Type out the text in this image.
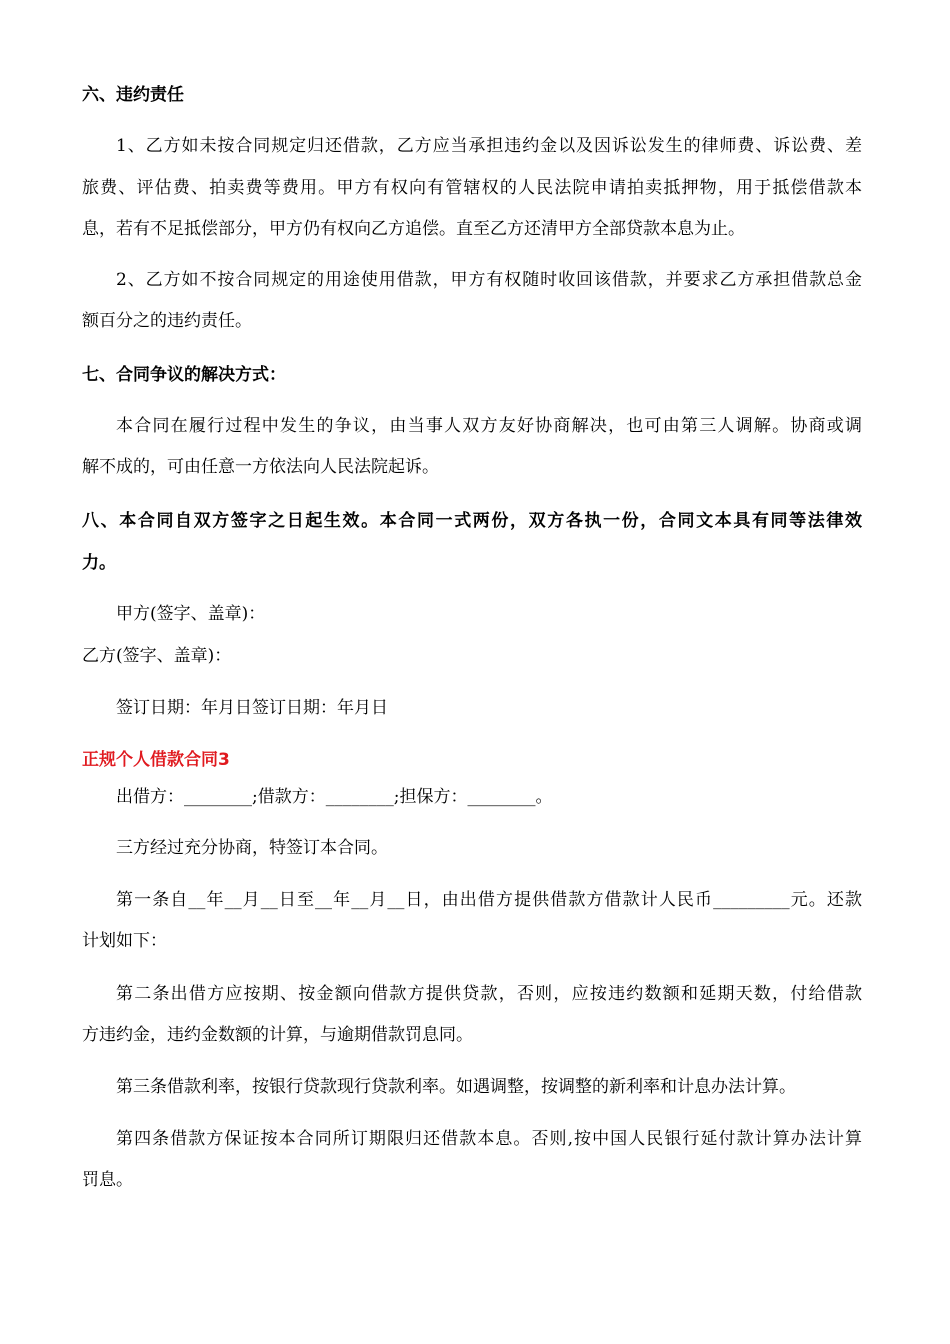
六、违约责任
1、乙方如未按合同规定归还借款，乙方应当承担违约金以及因诉讼发生的律师费、诉讼费、差
旅费、评估费、拍卖费等费用。甲方有权向有管辖权的人民法院申请拍卖抵押物，用于抵偿借款本
息，若有不足抵偿部分，甲方仍有权向乙方追偿。直至乙方还清甲方全部贷款本息为止。
2、乙方如不按合同规定的用途使用借款，甲方有权随时收回该借款，并要求乙方承担借款总金
额百分之的违约责任。
七、合同争议的解决方式：
本合同在履行过程中发生的争议，由当事人双方友好协商解决，也可由第三人调解。协商或调
解不成的，可由任意一方依法向人民法院起诉。
八、本合同自双方签字之日起生效。本合同一式两份，双方各执一份，合同文本具有同等法律效
力。
甲方(签字、盖章)：
乙方(签字、盖章)：
签订日期：年月日签订日期：年月日
正规个人借款合同3
出借方：________;借款方：________;担保方：________。
三方经过充分协商，特签订本合同。
第一条自__年__月__日至__年__月__日，由出借方提供借款方借款计人民币_________元。还款
计划如下：
第二条出借方应按期、按金额向借款方提供贷款，否则，应按违约数额和延期天数，付给借款
方违约金，违约金数额的计算，与逾期借款罚息同。
第三条借款利率，按银行贷款现行贷款利率。如遇调整，按调整的新利率和计息办法计算。
第四条借款方保证按本合同所订期限归还借款本息。否则,按中国人民银行延付款计算办法计算
罚息。
